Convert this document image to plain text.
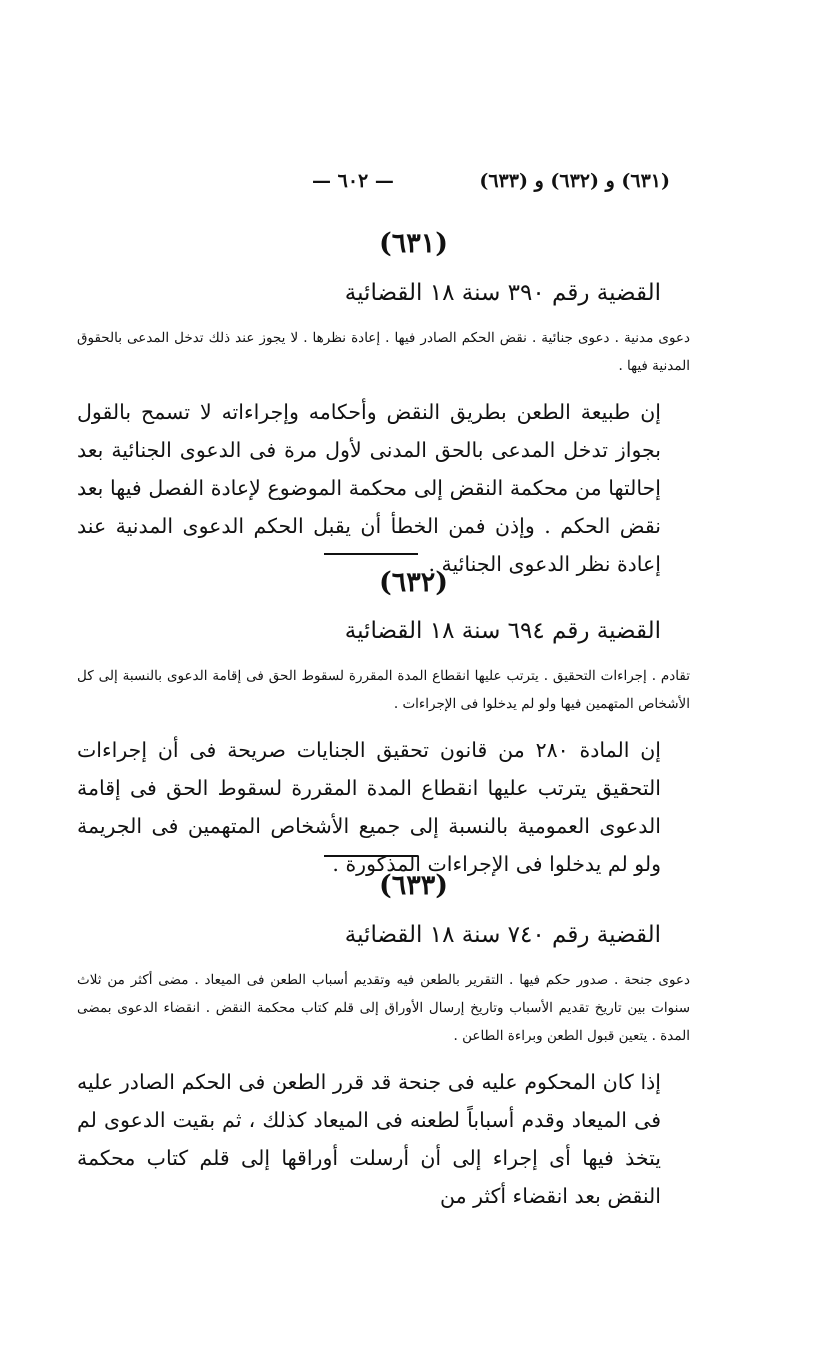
(٦٣١) و (٦٣٢) و (٦٣٣)
— ٦٠٢ —
(٦٣١)
القضية رقم ٣٩٠ سنة ١٨ القضائية
دعوى مدنية . دعوى جنائية . نقض الحكم الصادر فيها . إعادة نظرها . لا يجوز عند ذلك تدخل المدعى بالحقوق المدنية فيها .
إن طبيعة الطعن بطريق النقض وأحكامه وإجراءاته لا تسمح بالقول بجواز تدخل المدعى بالحق المدنى لأول مرة فى الدعوى الجنائية بعد إحالتها من محكمة النقض إلى محكمة الموضوع لإعادة الفصل فيها بعد نقض الحكم . وإذن فمن الخطأ أن يقبل الحكم الدعوى المدنية عند إعادة نظر الدعوى الجنائية .
(٦٣٢)
القضية رقم ٦٩٤ سنة ١٨ القضائية
تقادم . إجراءات التحقيق . يترتب عليها انقطاع المدة المقررة لسقوط الحق فى إقامة الدعوى بالنسبة إلى كل الأشخاص المتهمين فيها ولو لم يدخلوا فى الإجراءات .
إن المادة ٢٨٠ من قانون تحقيق الجنايات صريحة فى أن إجراءات التحقيق يترتب عليها انقطاع المدة المقررة لسقوط الحق فى إقامة الدعوى العمومية بالنسبة إلى جميع الأشخاص المتهمين فى الجريمة ولو لم يدخلوا فى الإجراءات المذكورة .
(٦٣٣)
القضية رقم ٧٤٠ سنة ١٨ القضائية
دعوى جنحة . صدور حكم فيها . التقرير بالطعن فيه وتقديم أسباب الطعن فى الميعاد . مضى أكثر من ثلاث سنوات بين تاريخ تقديم الأسباب وتاريخ إرسال الأوراق إلى قلم كتاب محكمة النقض . انقضاء الدعوى بمضى المدة . يتعين قبول الطعن وبراءة الطاعن .
إذا كان المحكوم عليه فى جنحة قد قرر الطعن فى الحكم الصادر عليه فى الميعاد وقدم أسباباً لطعنه فى الميعاد كذلك ، ثم بقيت الدعوى لم يتخذ فيها أى إجراء إلى أن أرسلت أوراقها إلى قلم كتاب محكمة النقض بعد انقضاء أكثر من
